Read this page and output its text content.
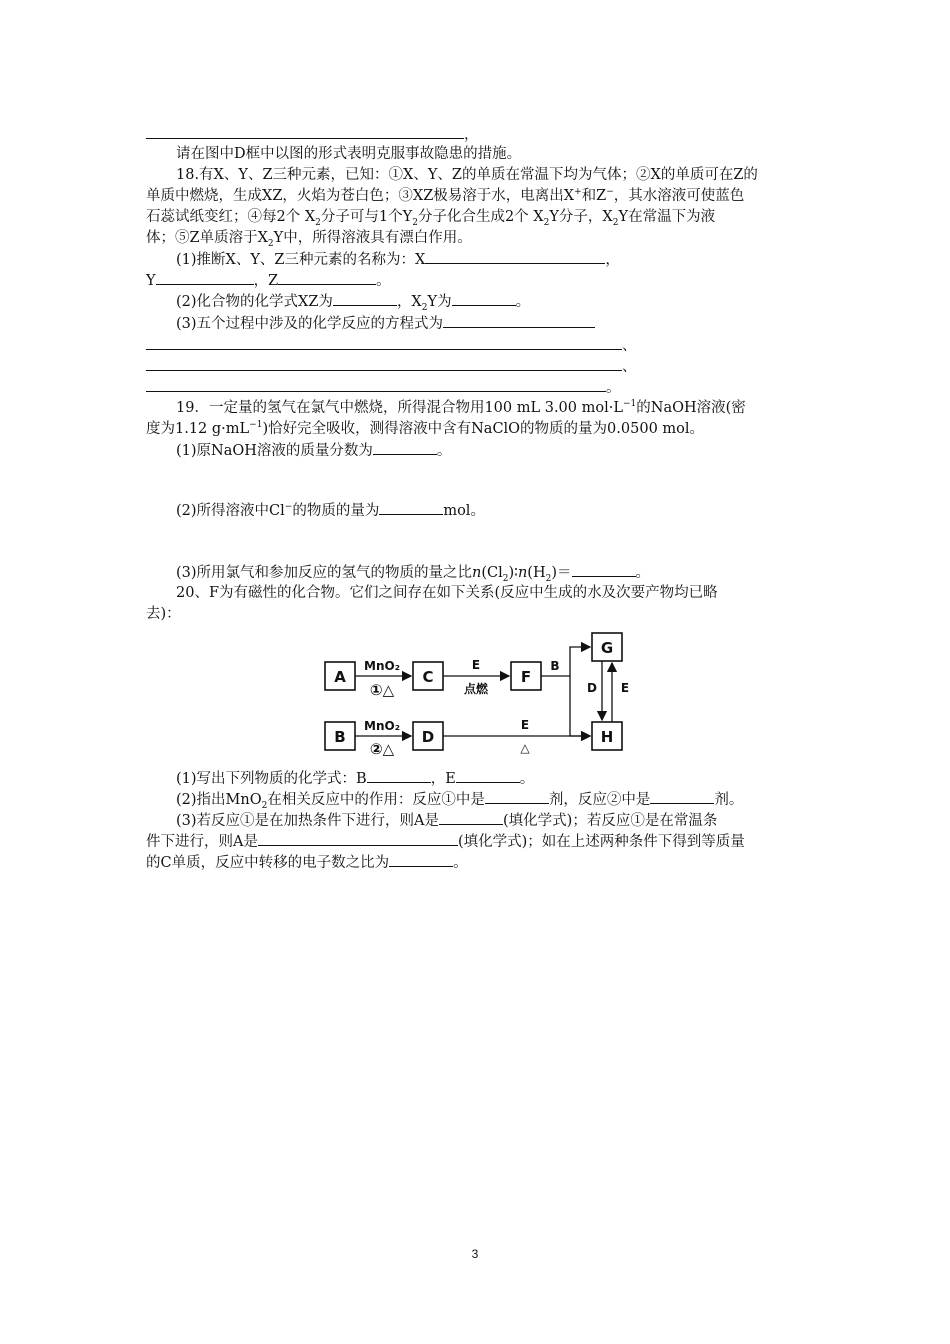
，
请在图中D框中以图的形式表明克服事故隐患的措施。
18.有X、Y、Z三种元素，已知：①X、Y、Z的单质在常温下均为气体；②X的单质可在Z的
单质中燃烧，生成XZ，火焰为苍白色；③XZ极易溶于水，电离出X+和Z−，其水溶液可使蓝色
石蕊试纸变红；④每2个 $X_2$分子可与1个$Y_2$分子化合生成2个 $X_2Y$分子，$X_2Y$在常温下为液
体；⑤Z单质溶于$X_2Y$中，所得溶液具有漂白作用。
(1)推断X、Y、Z三种元素的名称为：X	，
Y	，Z	。
(2)化合物的化学式XZ为	，$X_2Y$为	。
(3)五个过程中涉及的化学反应的方程式为
、
、
。
19．一定量的氢气在氯气中燃烧，所得混合物用100 mL 3.00 $mol\cdot L^{-1}$的NaOH溶液(密
度为1.12 $g\cdot mL^{-1}$)恰好完全吸收，测得溶液中含有NaClO的物质的量为0.0500 mol。
(1)原NaOH溶液的质量分数为	。
(2)所得溶液中Cl−的物质的量为	mol。
(3)所用氯气和参加反应的氢气的物质的量之比$n(Cl_2)∶n(H_2)=$	。
20、F为有磁性的化合物。它们之间存在如下关系(反应中生成的水及次要产物均已略
去)：
A	C	F
G
B	D	H
MnO₂
①△
E
点燃
MnO₂
②△
E
△
B
D E
(1)写出下列物质的化学式：B	，E	。
(2)指出MnO$_2$在相关反应中的作用：反应①中是	剂，反应②中是	剂。
(3)若反应①是在加热条件下进行，则A是	(填化学式)；若反应①是在常温条
件下进行，则A是	(填化学式)；如在上述两种条件下得到等质量
的C单质，反应中转移的电子数之比为	。
3
